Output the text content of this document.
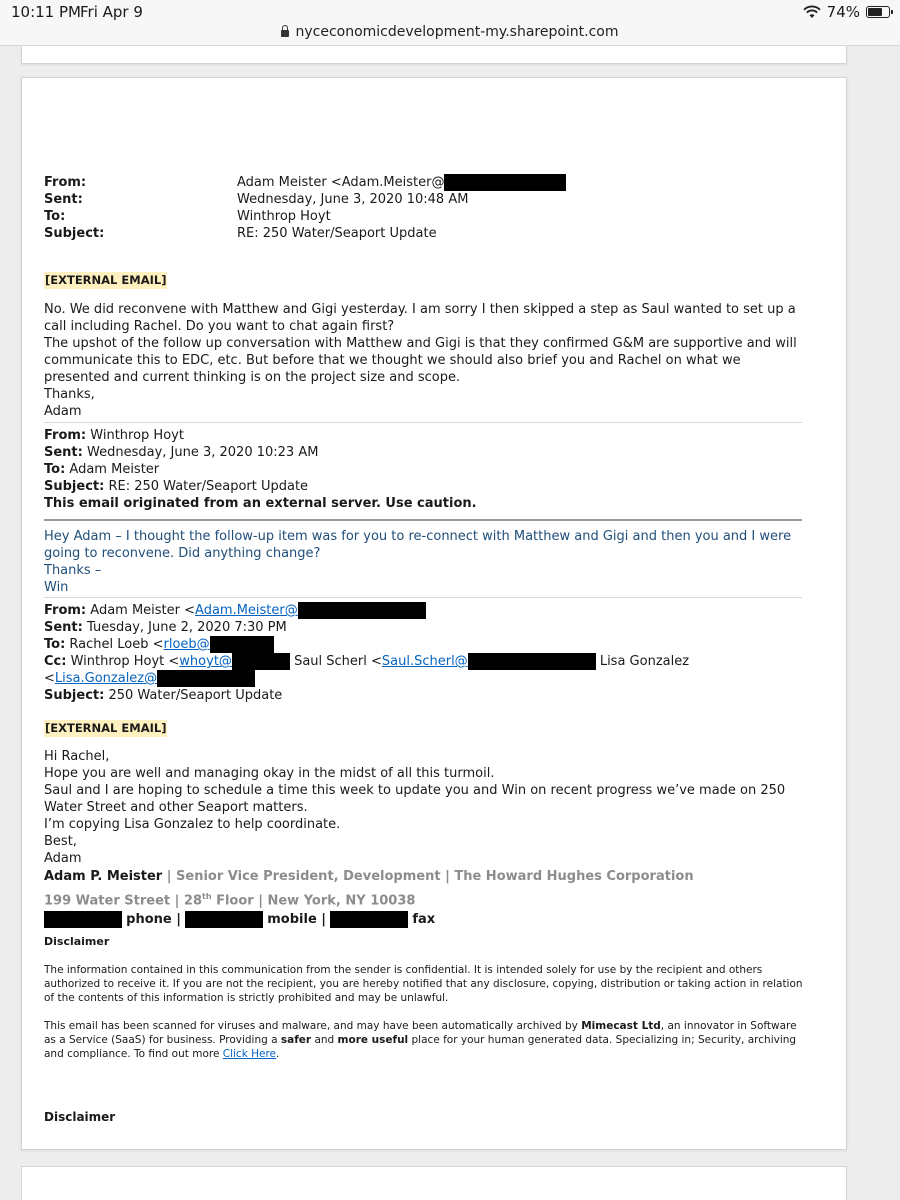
10:11 PM Fri Apr 9	74%
nyceconomicdevelopment-my.sharepoint.com
From:	Adam Meister <Adam.Meister@
Sent:	Wednesday, June 3, 2020 10:48 AM
To:	Winthrop Hoyt
Subject:	RE: 250 Water/Seaport Update
[EXTERNAL EMAIL]
No. We did reconvene with Matthew and Gigi yesterday. I am sorry I then skipped a step as Saul wanted to set up a call including Rachel. Do you want to chat again first?
The upshot of the follow up conversation with Matthew and Gigi is that they confirmed G&M are supportive and will communicate this to EDC, etc. But before that we thought we should also brief you and Rachel on what we presented and current thinking is on the project size and scope.
Thanks,
Adam
From: Winthrop Hoyt
Sent: Wednesday, June 3, 2020 10:23 AM
To: Adam Meister
Subject: RE: 250 Water/Seaport Update
This email originated from an external server. Use caution.
Hey Adam – I thought the follow-up item was for you to re-connect with Matthew and Gigi and then you and I were going to reconvene. Did anything change?
Thanks –
Win
From: Adam Meister <Adam.Meister@
Sent: Tuesday, June 2, 2020 7:30 PM
To: Rachel Loeb <rloeb@
Cc: Winthrop Hoyt <whoyt@	Saul Scherl <Saul.Scherl@	Lisa Gonzalez
<Lisa.Gonzalez@
Subject: 250 Water/Seaport Update
[EXTERNAL EMAIL]
Hi Rachel,
Hope you are well and managing okay in the midst of all this turmoil.
Saul and I are hoping to schedule a time this week to update you and Win on recent progress we’ve made on 250 Water Street and other Seaport matters.
I’m copying Lisa Gonzalez to help coordinate.
Best,
Adam
Adam P. Meister | Senior Vice President, Development | The Howard Hughes Corporation
199 Water Street | 28th Floor | New York, NY 10038
phone |	mobile |	fax
Disclaimer
The information contained in this communication from the sender is confidential. It is intended solely for use by the recipient and others authorized to receive it. If you are not the recipient, you are hereby notified that any disclosure, copying, distribution or taking action in relation of the contents of this information is strictly prohibited and may be unlawful.
This email has been scanned for viruses and malware, and may have been automatically archived by Mimecast Ltd, an innovator in Software as a Service (SaaS) for business. Providing a safer and more useful place for your human generated data. Specializing in; Security, archiving and compliance. To find out more Click Here.
Disclaimer
